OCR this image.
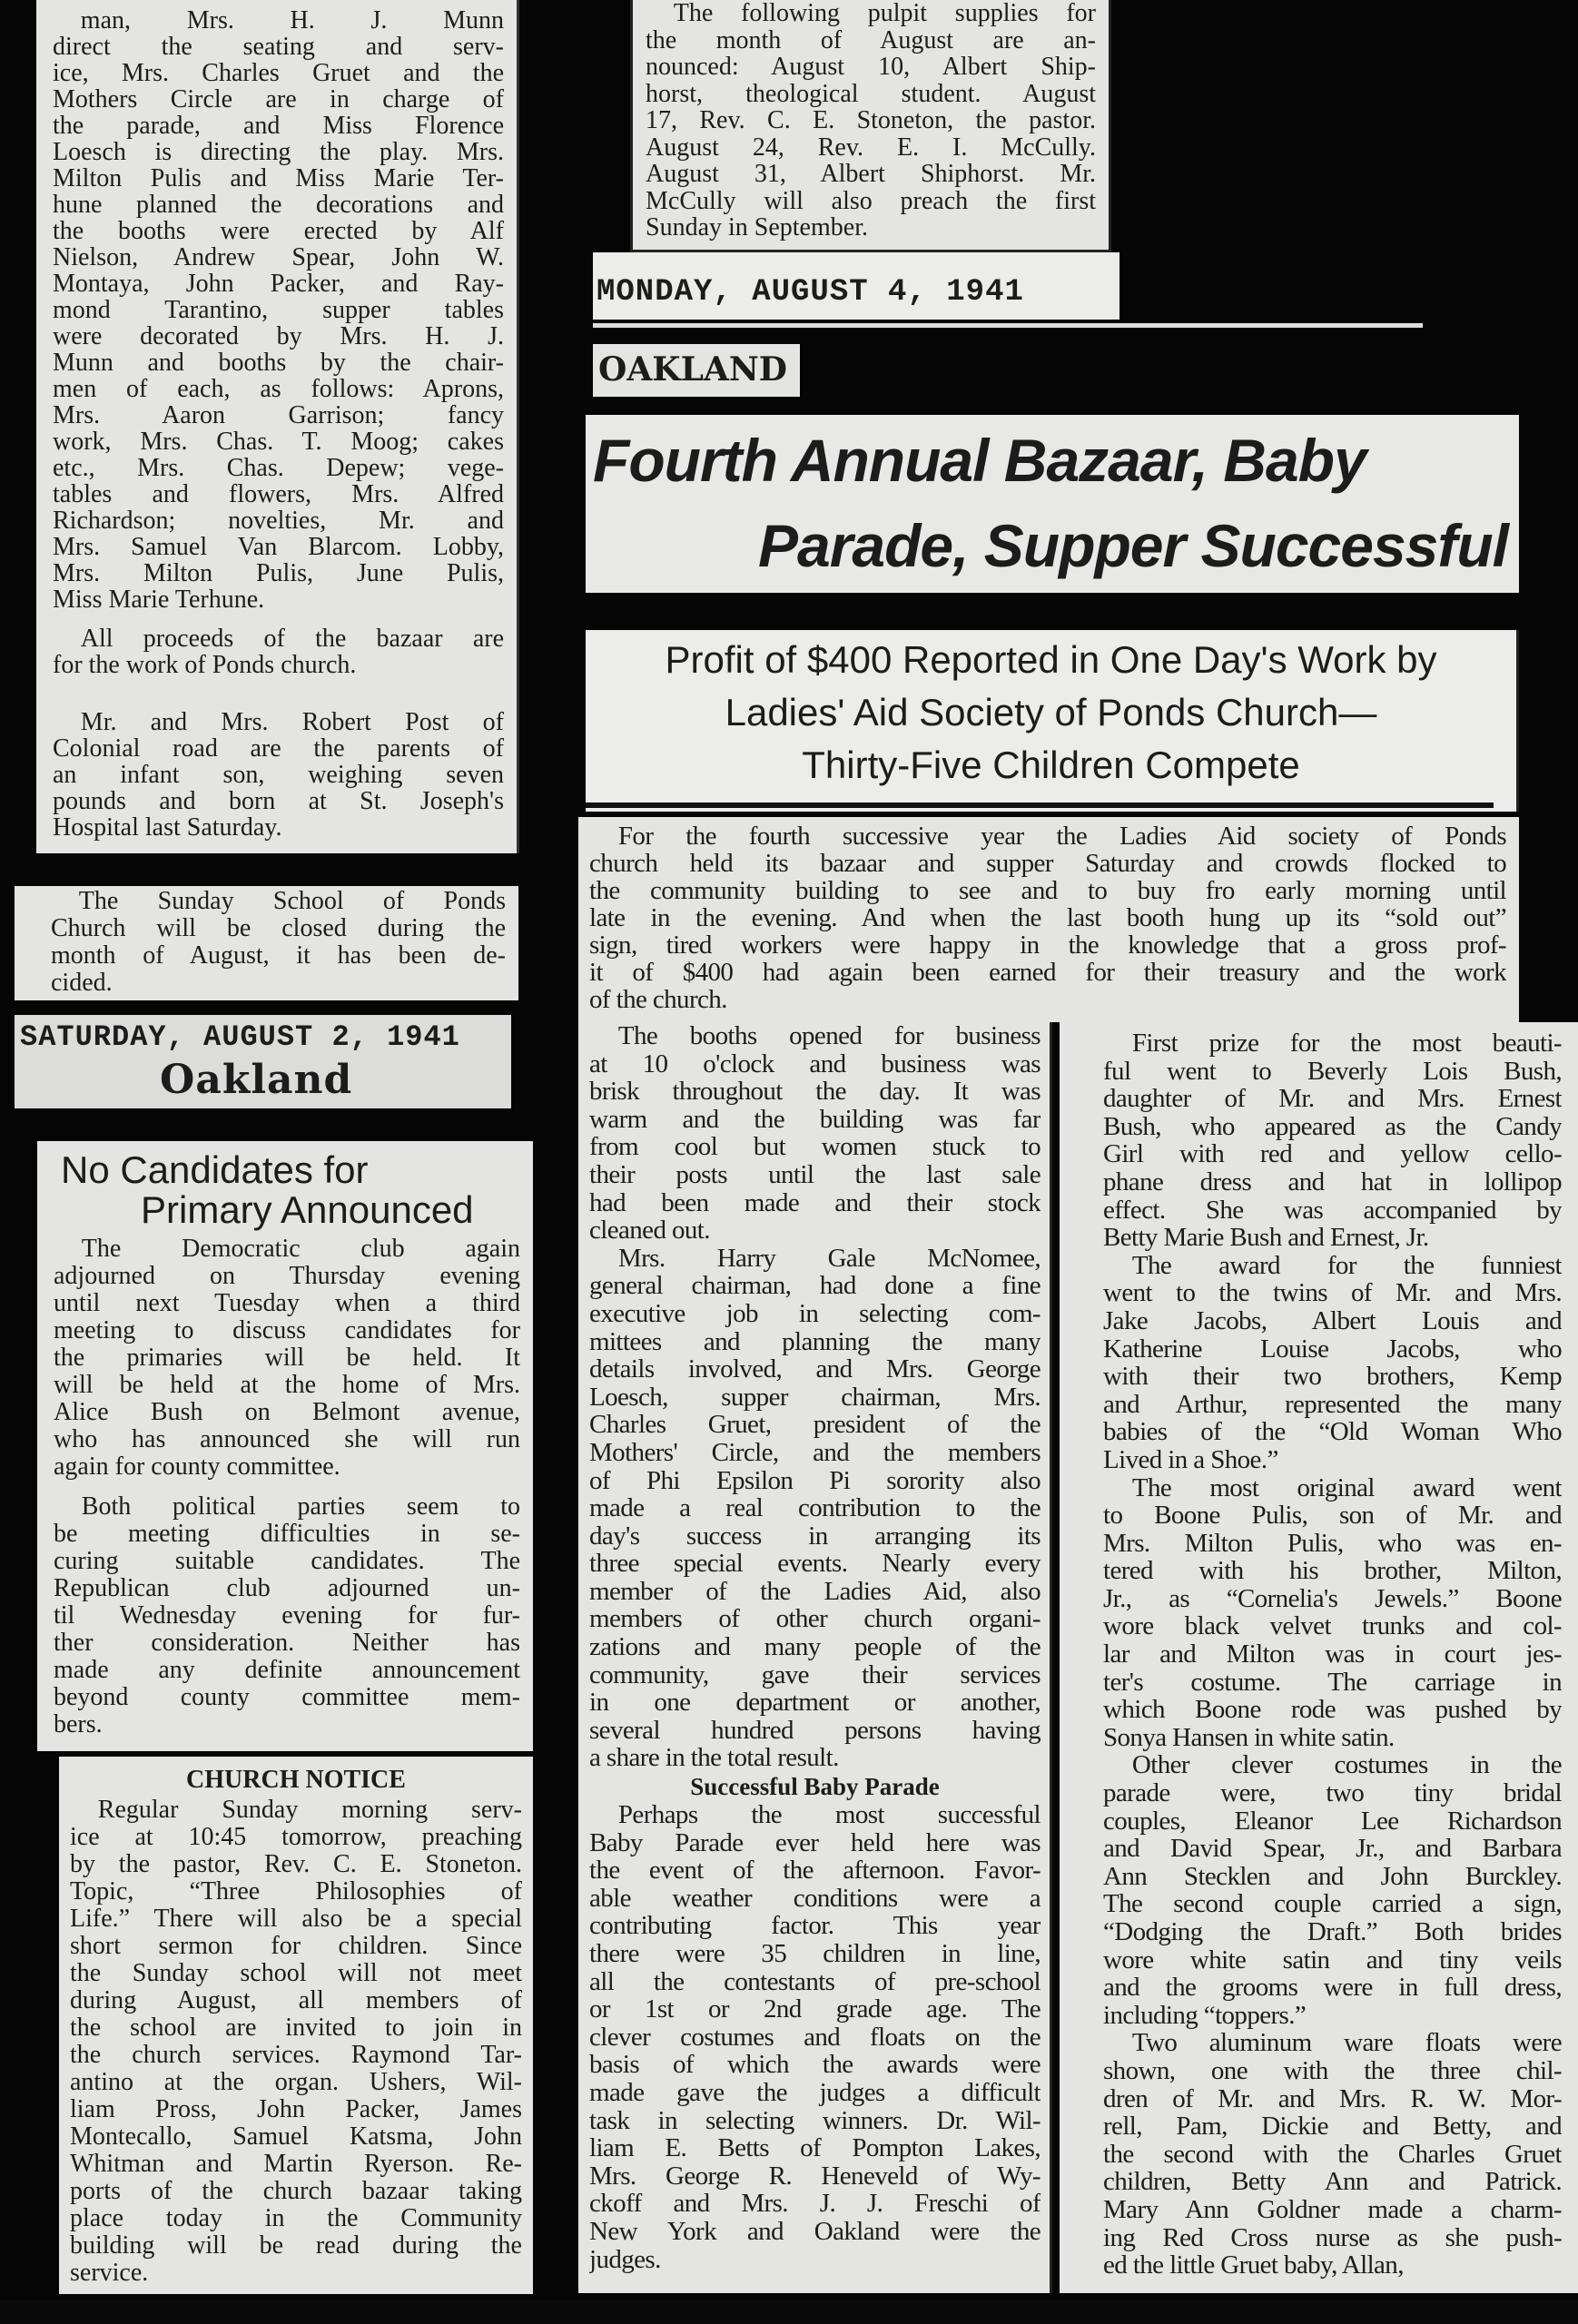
man, Mrs. H. J. Munn
direct the seating and serv-
ice, Mrs. Charles Gruet and the
Mothers Circle are in charge of
the parade, and Miss Florence
Loesch is directing the play. Mrs.
Milton Pulis and Miss Marie Ter-
hune planned the decorations and
the booths were erected by Alf
Nielson, Andrew Spear, John W.
Montaya, John Packer, and Ray-
mond Tarantino, supper tables
were decorated by Mrs. H. J.
Munn and booths by the chair-
men of each, as follows: Aprons,
Mrs. Aaron Garrison; fancy
work, Mrs. Chas. T. Moog; cakes
etc., Mrs. Chas. Depew; vege-
tables and flowers, Mrs. Alfred
Richardson; novelties, Mr. and
Mrs. Samuel Van Blarcom. Lobby,
Mrs. Milton Pulis, June Pulis,
Miss Marie Terhune.
All proceeds of the bazaar are
for the work of Ponds church.
Mr. and Mrs. Robert Post of
Colonial road are the parents of
an infant son, weighing seven
pounds and born at St. Joseph's
Hospital last Saturday.
The Sunday School of Ponds
Church will be closed during the
month of August, it has been de-
cided.
SATURDAY, AUGUST 2, 1941
Oakland
No Candidates for
Primary Announced
The Democratic club again
adjourned on Thursday evening
until next Tuesday when a third
meeting to discuss candidates for
the primaries will be held. It
will be held at the home of Mrs.
Alice Bush on Belmont avenue,
who has announced she will run
again for county committee.
Both political parties seem to
be meeting difficulties in se-
curing suitable candidates. The
Republican club adjourned un-
til Wednesday evening for fur-
ther consideration. Neither has
made any definite announcement
beyond county committee mem-
bers.
CHURCH NOTICE
Regular Sunday morning serv-
ice at 10:45 tomorrow, preaching
by the pastor, Rev. C. E. Stoneton.
Topic, “Three Philosophies of
Life.” There will also be a special
short sermon for children. Since
the Sunday school will not meet
during August, all members of
the school are invited to join in
the church services. Raymond Tar-
antino at the organ. Ushers, Wil-
liam Pross, John Packer, James
Montecallo, Samuel Katsma, John
Whitman and Martin Ryerson. Re-
ports of the church bazaar taking
place today in the Community
building will be read during the
service.
The following pulpit supplies for
the month of August are an-
nounced: August 10, Albert Ship-
horst, theological student. August
17, Rev. C. E. Stoneton, the pastor.
August 24, Rev. E. I. McCully.
August 31, Albert Shiphorst. Mr.
McCully will also preach the first
Sunday in September.
MONDAY, AUGUST 4, 1941
OAKLAND
Fourth Annual Bazaar, Baby
Parade, Supper Successful
Profit of $400 Reported in One Day's Work by
Ladies' Aid Society of Ponds Church—
Thirty-Five Children Compete
For the fourth successive year the Ladies Aid society of Ponds
church held its bazaar and supper Saturday and crowds flocked to
the community building to see and to buy fro early morning until
late in the evening. And when the last booth hung up its “sold out”
sign, tired workers were happy in the knowledge that a gross prof-
it of $400 had again been earned for their treasury and the work
of the church.
The booths opened for business
at 10 o'clock and business was
brisk throughout the day. It was
warm and the building was far
from cool but women stuck to
their posts until the last sale
had been made and their stock
cleaned out.
Mrs. Harry Gale McNomee,
general chairman, had done a fine
executive job in selecting com-
mittees and planning the many
details involved, and Mrs. George
Loesch, supper chairman, Mrs.
Charles Gruet, president of the
Mothers' Circle, and the members
of Phi Epsilon Pi sorority also
made a real contribution to the
day's success in arranging its
three special events. Nearly every
member of the Ladies Aid, also
members of other church organi-
zations and many people of the
community, gave their services
in one department or another,
several hundred persons having
a share in the total result.
Successful Baby Parade
Perhaps the most successful
Baby Parade ever held here was
the event of the afternoon. Favor-
able weather conditions were a
contributing factor. This year
there were 35 children in line,
all the contestants of pre-school
or 1st or 2nd grade age. The
clever costumes and floats on the
basis of which the awards were
made gave the judges a difficult
task in selecting winners. Dr. Wil-
liam E. Betts of Pompton Lakes,
Mrs. George R. Heneveld of Wy-
ckoff and Mrs. J. J. Freschi of
New York and Oakland were the
judges.
First prize for the most beauti-
ful went to Beverly Lois Bush,
daughter of Mr. and Mrs. Ernest
Bush, who appeared as the Candy
Girl with red and yellow cello-
phane dress and hat in lollipop
effect. She was accompanied by
Betty Marie Bush and Ernest, Jr.
The award for the funniest
went to the twins of Mr. and Mrs.
Jake Jacobs, Albert Louis and
Katherine Louise Jacobs, who
with their two brothers, Kemp
and Arthur, represented the many
babies of the “Old Woman Who
Lived in a Shoe.”
The most original award went
to Boone Pulis, son of Mr. and
Mrs. Milton Pulis, who was en-
tered with his brother, Milton,
Jr., as “Cornelia's Jewels.” Boone
wore black velvet trunks and col-
lar and Milton was in court jes-
ter's costume. The carriage in
which Boone rode was pushed by
Sonya Hansen in white satin.
Other clever costumes in the
parade were, two tiny bridal
couples, Eleanor Lee Richardson
and David Spear, Jr., and Barbara
Ann Stecklen and John Burckley.
The second couple carried a sign,
“Dodging the Draft.” Both brides
wore white satin and tiny veils
and the grooms were in full dress,
including “toppers.”
Two aluminum ware floats were
shown, one with the three chil-
dren of Mr. and Mrs. R. W. Mor-
rell, Pam, Dickie and Betty, and
the second with the Charles Gruet
children, Betty Ann and Patrick.
Mary Ann Goldner made a charm-
ing Red Cross nurse as she push-
ed the little Gruet baby, Allan,
